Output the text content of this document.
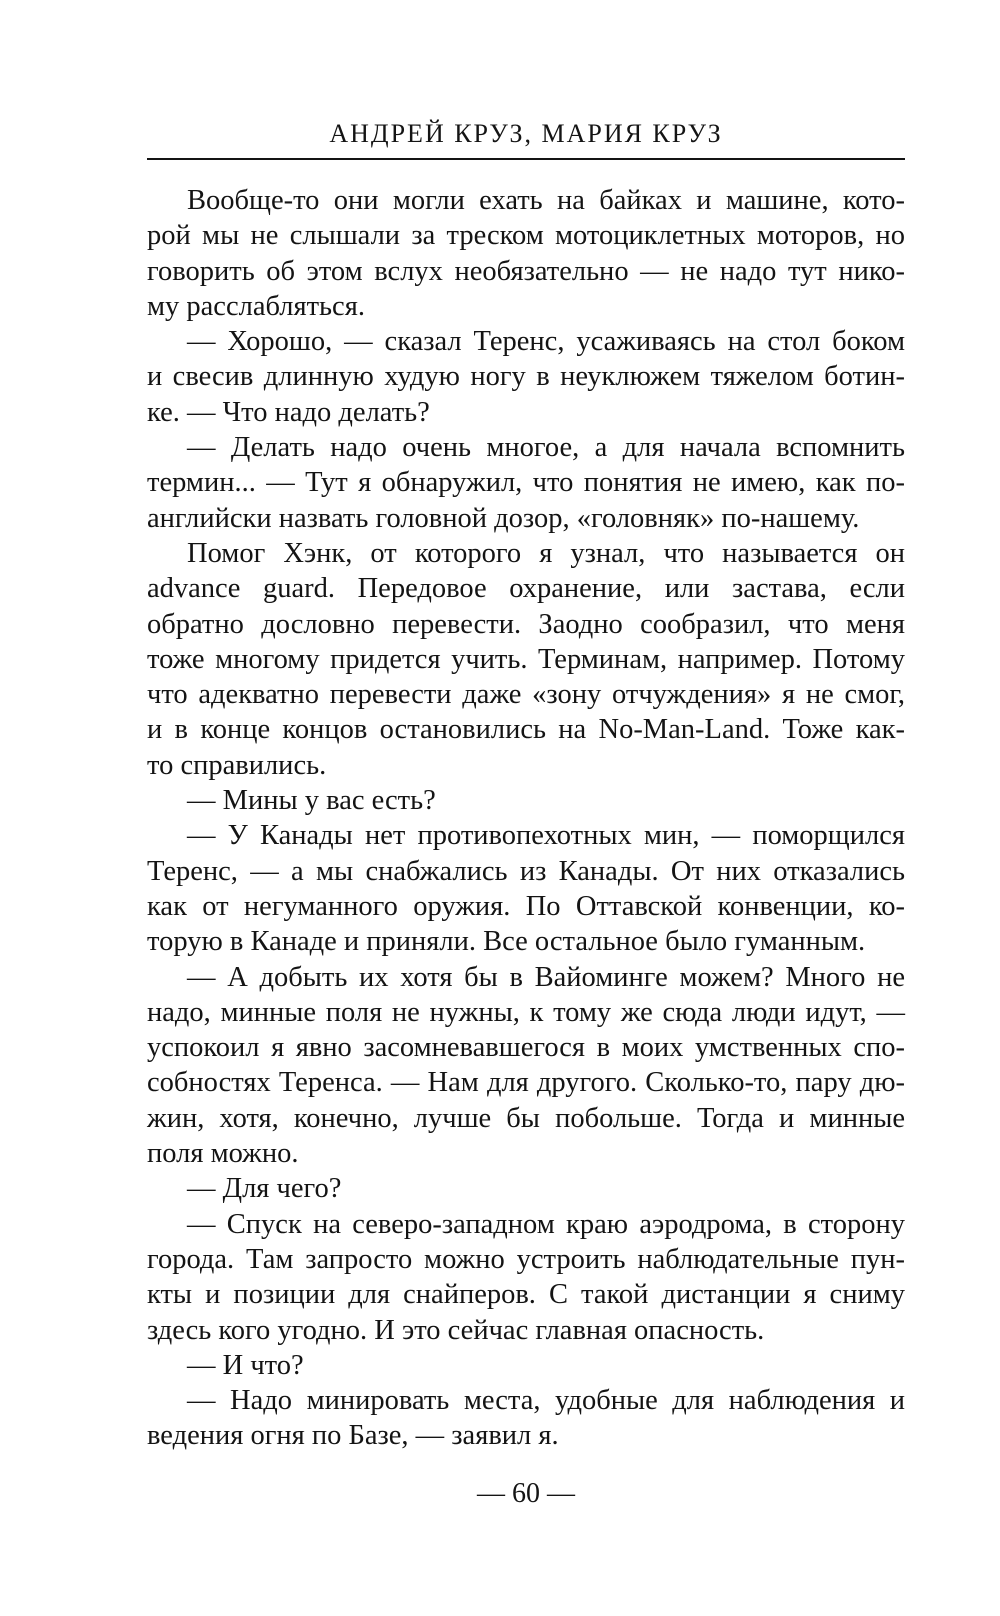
АНДРЕЙ КРУЗ, МАРИЯ КРУЗ
Вообще-то они могли ехать на байках и машине, кото-
рой мы не слышали за треском мотоциклетных моторов, но
говорить об этом вслух необязательно — не надо тут нико-
му расслабляться.
— Хорошо, — сказал Теренс, усаживаясь на стол боком
и свесив длинную худую ногу в неуклюжем тяжелом ботин-
ке. — Что надо делать?
— Делать надо очень многое, а для начала вспомнить
термин... — Тут я обнаружил, что понятия не имею, как по-
английски назвать головной дозор, «головняк» по-нашему.
Помог Хэнк, от которого я узнал, что называется он
advance guard. Передовое охранение, или застава, если
обратно дословно перевести. Заодно сообразил, что меня
тоже многому придется учить. Терминам, например. Потому
что адекватно перевести даже «зону отчуждения» я не смог,
и в конце концов остановились на No-Man-Land. Тоже как-
то справились.
— Мины у вас есть?
— У Канады нет противопехотных мин, — поморщился
Теренс, — а мы снабжались из Канады. От них отказались
как от негуманного оружия. По Оттавской конвенции, ко-
торую в Канаде и приняли. Все остальное было гуманным.
— А добыть их хотя бы в Вайоминге можем? Много не
надо, минные поля не нужны, к тому же сюда люди идут, —
успокоил я явно засомневавшегося в моих умственных спо-
собностях Теренса. — Нам для другого. Сколько-то, пару дю-
жин, хотя, конечно, лучше бы побольше. Тогда и минные
поля можно.
— Для чего?
— Спуск на северо-западном краю аэродрома, в сторону
города. Там запросто можно устроить наблюдательные пун-
кты и позиции для снайперов. С такой дистанции я сниму
здесь кого угодно. И это сейчас главная опасность.
— И что?
— Надо минировать места, удобные для наблюдения и
ведения огня по Базе, — заявил я.
— 60 —
